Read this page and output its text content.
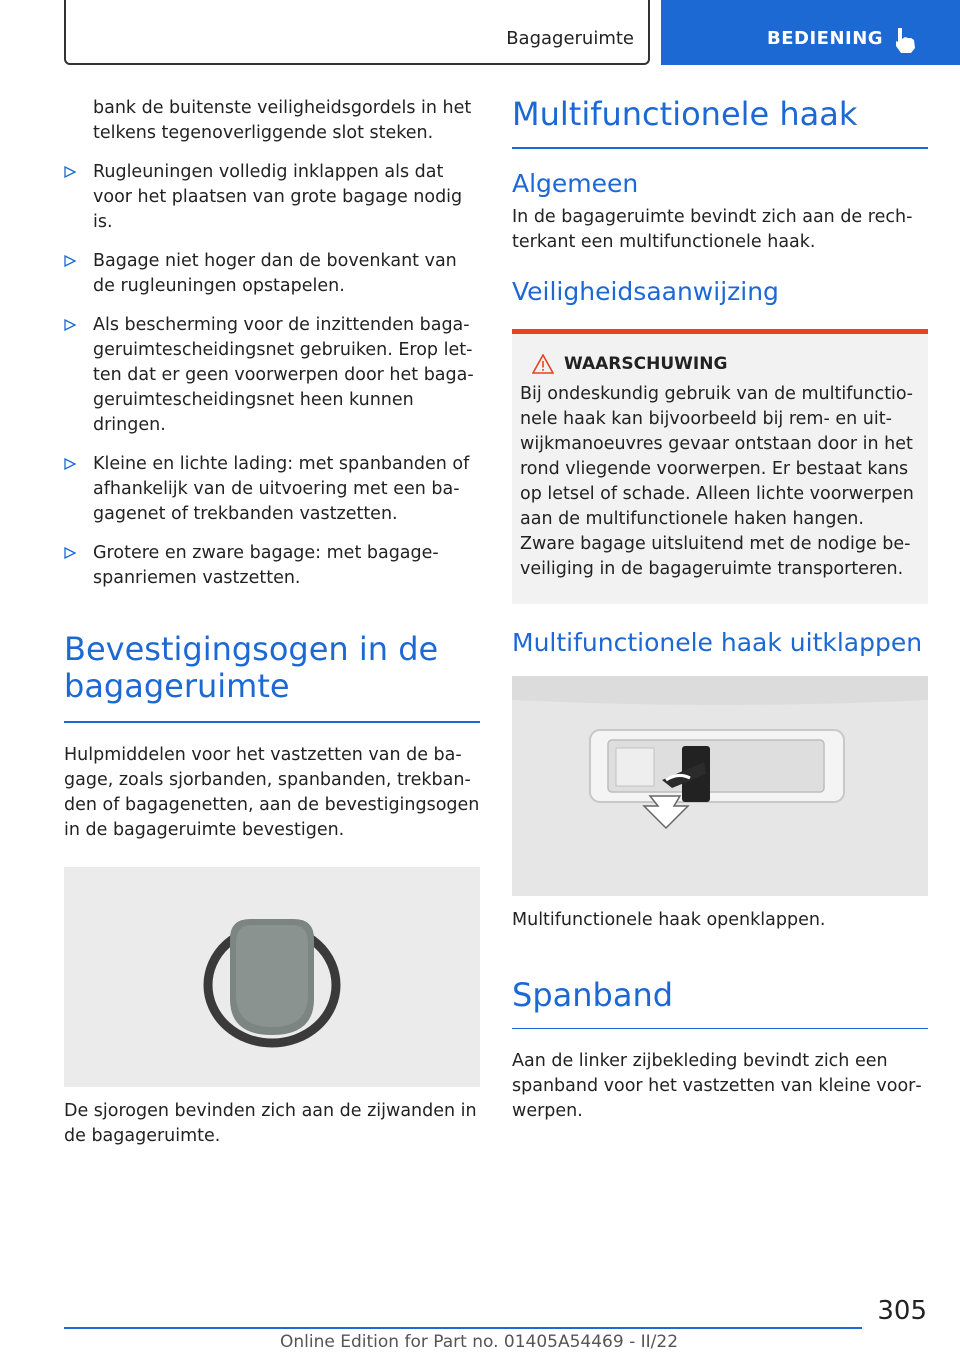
Bagageruimte	BEDIENING

bank de buitenste veiligheidsgordels in het telkens tegenoverliggende slot steken.

Rugleuningen volledig inklappen als dat voor het plaatsen van grote bagage nodig is.
Bagage niet hoger dan de bovenkant van de rugleuningen opstapelen.
Als bescherming voor de inzittenden bagageruimtescheidingsnet gebruiken. Erop letten dat er geen voorwerpen door het bagageruimtescheidingsnet heen kunnen dringen.
Kleine en lichte lading: met spanbanden of afhankelijk van de uitvoering met een bagagenet of trekbanden vastzetten.
Grotere en zware bagage: met bagagespanriemen vastzetten.
Bevestigingsogen in de bagageruimte

Hulpmiddelen voor het vastzetten van de bagage, zoals sjorbanden, spanbanden, trekbanden of bagagenetten, aan de bevestigingsogen in de bagageruimte bevestigen.

De sjorogen bevinden zich aan de zijwanden in de bagageruimte.

Multifunctionele haak
Algemeen

In de bagageruimte bevindt zich aan de rechterkant een multifunctionele haak.

Veiligheidsaanwijzing
WAARSCHUWING

Bij ondeskundig gebruik van de multifunctionele haak kan bijvoorbeeld bij rem- en uitwijkmanoeuvres gevaar ontstaan door in het rond vliegende voorwerpen. Er bestaat kans op letsel of schade. Alleen lichte voorwerpen aan de multifunctionele haken hangen. Zware bagage uitsluitend met de nodige beveiliging in de bagageruimte transporteren.

Multifunctionele haak uitklappen

Multifunctionele haak openklappen.

Spanband

Aan de linker zijbekleding bevindt zich een spanband voor het vastzetten van kleine voorwerpen.

305
Online Edition for Part no. 01405A54469 - II/22
